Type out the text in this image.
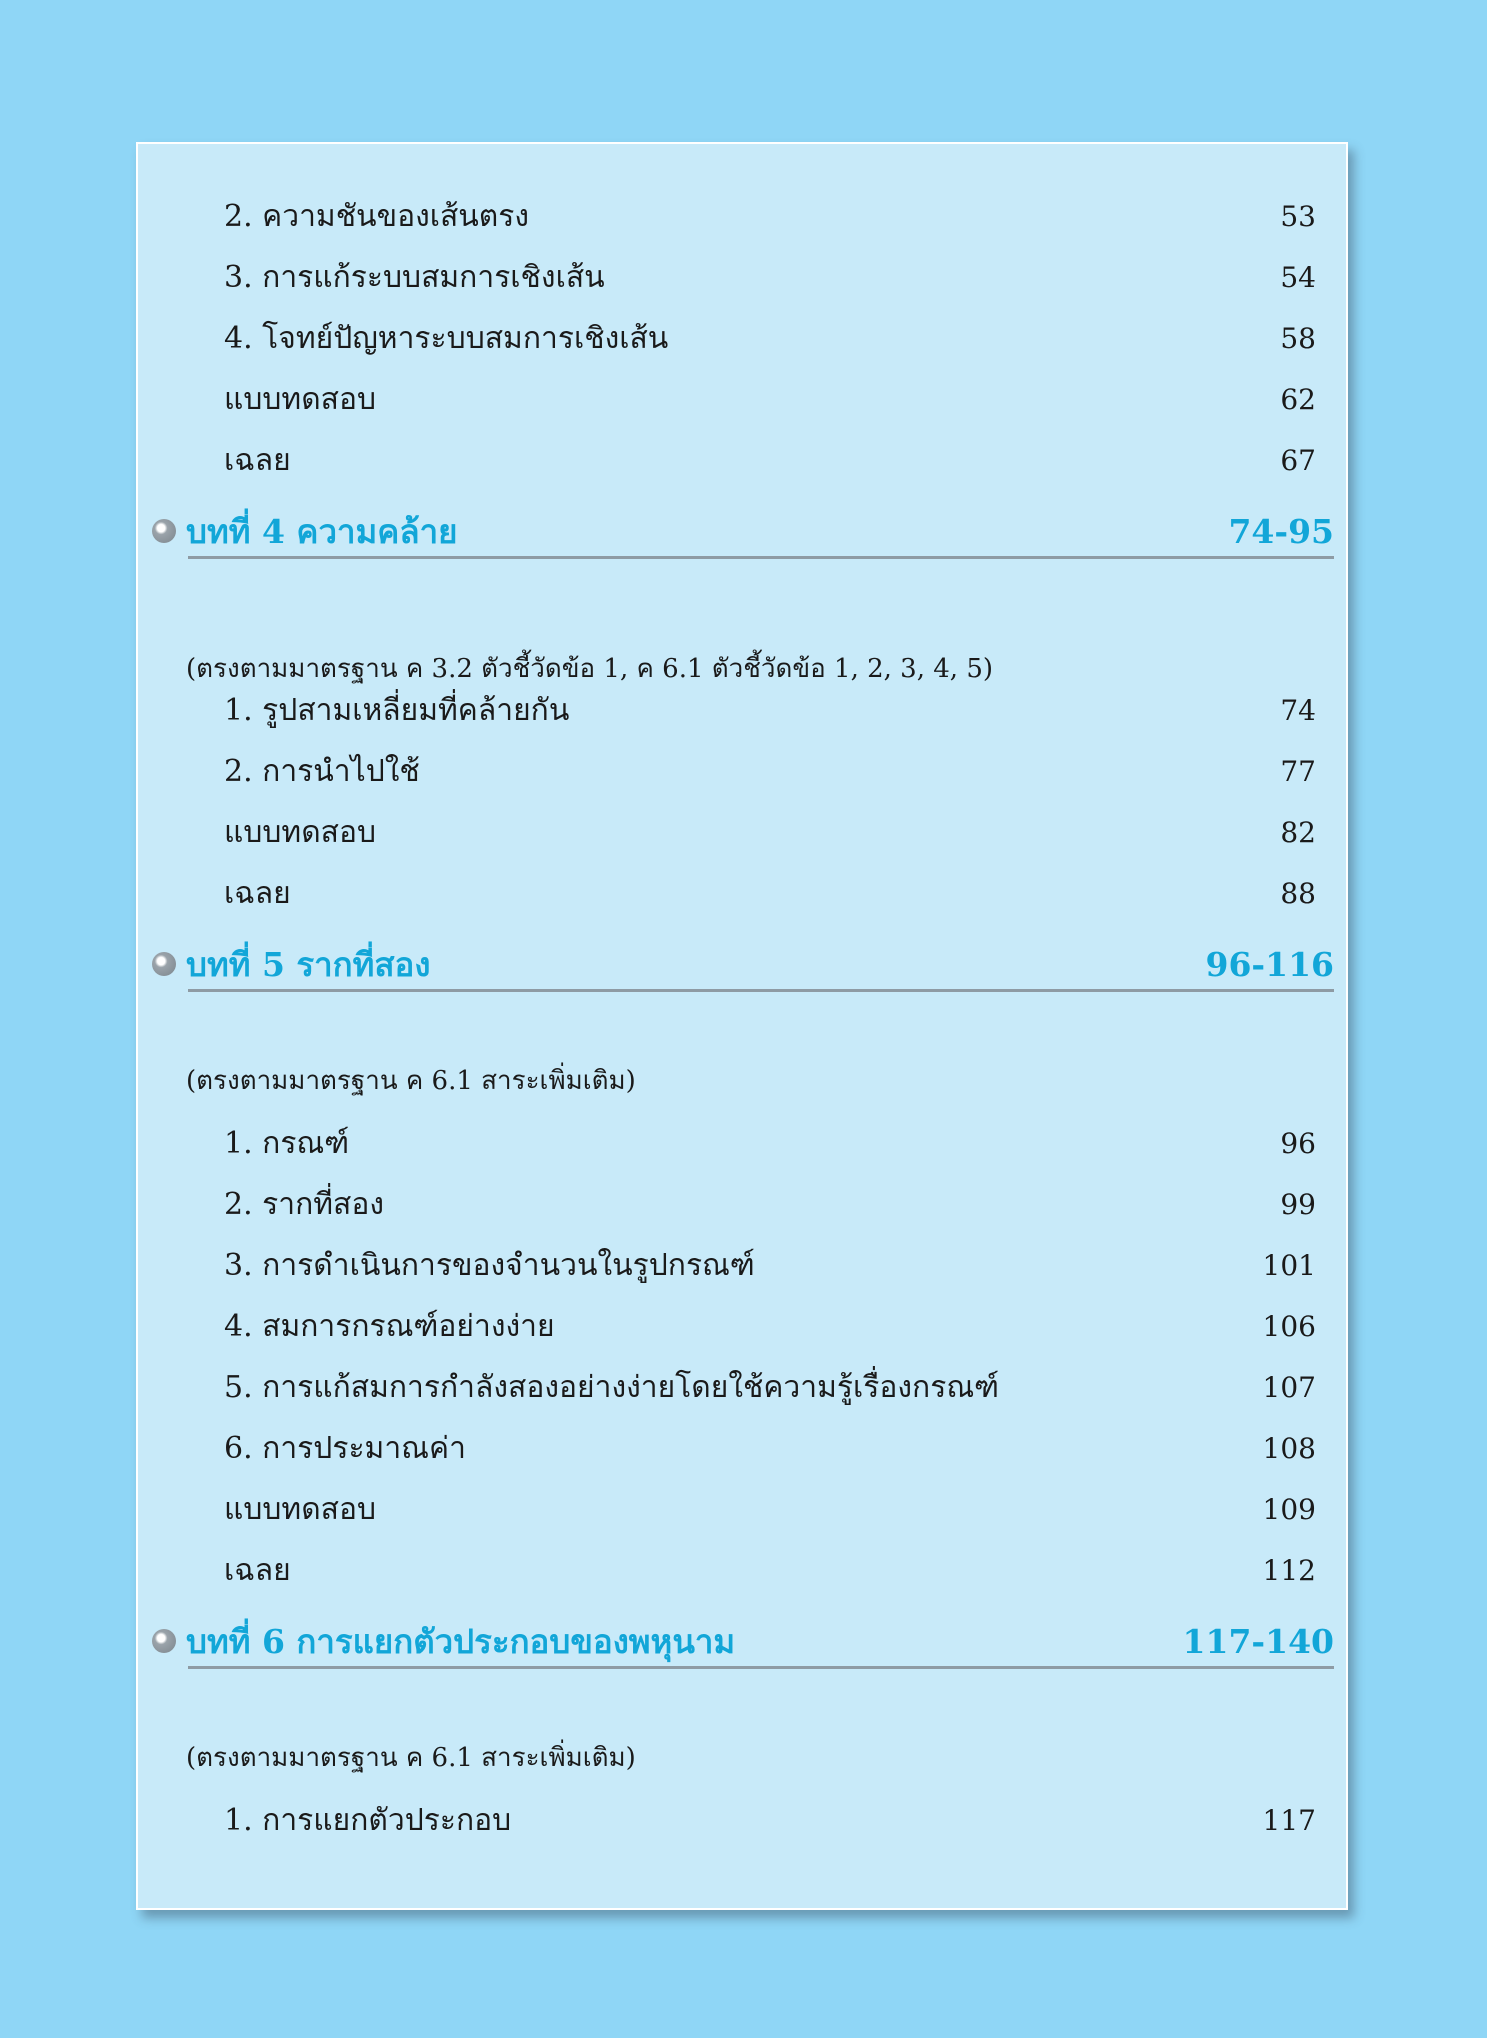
2. ความชันของเส้นตรง	53
3. การแก้ระบบสมการเชิงเส้น	54
4. โจทย์ปัญหาระบบสมการเชิงเส้น	58
แบบทดสอบ	62
เฉลย	67
บทที่ 4 ความคล้าย	74-95
(ตรงตามมาตรฐาน ค 3.2 ตัวชี้วัดข้อ 1, ค 6.1 ตัวชี้วัดข้อ 1, 2, 3, 4, 5)
1. รูปสามเหลี่ยมที่คล้ายกัน	74
2. การนำไปใช้	77
แบบทดสอบ	82
เฉลย	88
บทที่ 5 รากที่สอง	96-116
(ตรงตามมาตรฐาน ค 6.1 สาระเพิ่มเติม)
1. กรณฑ์	96
2. รากที่สอง	99
3. การดำเนินการของจำนวนในรูปกรณฑ์	101
4. สมการกรณฑ์อย่างง่าย	106
5. การแก้สมการกำลังสองอย่างง่ายโดยใช้ความรู้เรื่องกรณฑ์	107
6. การประมาณค่า	108
แบบทดสอบ	109
เฉลย	112
บทที่ 6 การแยกตัวประกอบของพหุนาม	117-140
(ตรงตามมาตรฐาน ค 6.1 สาระเพิ่มเติม)
1. การแยกตัวประกอบ	117
